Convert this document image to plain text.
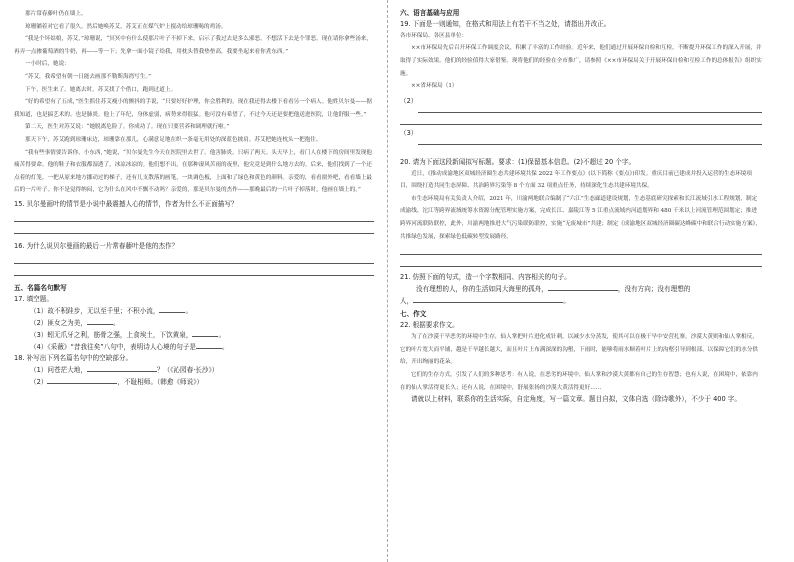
那片常春藤叶仍在墙上。

琼珊躺着对它看了很久。然后她唤苏艾，苏艾正在煤气炉上搅动给琼珊喝的鸡汤。

“我是个坏姑娘，苏艾，”琼珊说，“冥冥中有什么使那片叶子不掉下来，启示了我过去是多么邪恶。不想活下去是个罪恶。现在请你拿些汤来，再弄一点掺葡萄酒的牛奶，再——等一下；先拿一面小镜子给我，用枕头替我垫垫高，我要坐起来看你煮东西。”

一小时后，她说：

“苏艾，我希望有朝一日能去画那不勒斯海湾写生。”

下午，医生来了，她离去时，苏艾找了个借口，跑到过道上。

“好的希望有了五成，”医生抓住苏艾瘦小的颤抖的手说，“只要好好护理，你会胜利的。现在我还得去楼下看看另一个病人。他姓贝尔曼——据我知道，也是搞艺术的。也是肺炎。他上了年纪，身体虚弱，病势来得很猛。他可没有希望了，不过今天还是要把他送进医院，让他舒服一些。”

第二天，医生对苏艾说：“她脱离危险了。你成功了。现在只要营养和调理就行啦。”

那天下午，苏艾跑到琼珊床边，琼珊靠在那儿，心满意足地在织一条毫无用处的深蓝色披肩。苏艾把她连枕头一把抱住。

“我有些事情要告诉你，小东西，”她说，“贝尔曼先生今天在医院里去世了。他害肺炎，只病了两天。头天早上，看门人在楼下的房间里发现他痛苦得要命。他的鞋子和衣服都湿透了，冰凉冰凉的。他们想不出，在那种凄风苦雨的夜里，他究竟是到什么地方去的。后来，他们找到了一个还点着的灯笼，一把从原来地方挪动过的梯子，还有几支散落的画笔，一块调色板，上面和了绿色和黄色的颜料。亲爱的，看看窗外吧，看看墙上最后的一片叶子。你不是觉得纳闷，它为什么在风中不飘不动吗？亲爱的，那是贝尔曼的杰作——那晚最后的一片叶子掉落时，他画在墙上的。”

15. 贝尔曼画叶的情节是小说中最震撼人心的情节，作者为什么不正面描写？

16. 为什么说贝尔曼画的最后一片常春藤叶是他的杰作？

五、名篇名句默写

17. 填空题。

（1）故不积跬步，无以至千里；不积小流，	。

（2）匪女之为美，	。

（3）蚓无爪牙之利，筋骨之强，上食埃土，下饮黄泉，	。

（4）《采薇》“昔我往矣”八句中，表明诗人心境的句子是	。

18. 补写出下列名篇名句中的空缺部分。

（1）问苍茫大地，	？（《沁园春·长沙》）

（2）	，不耻相师。（韩愈《师说》）

六、语言基础与应用

19. 下面是一则通知，在格式和用法上有若干不当之处，请指出并改正。

各市环保局、各区县单位：

××市环保局先后召开环保工作调度会议，积累了丰富的工作经验。近年来，他们通过开展环保自检和互检，不断提升环保工作的深入开展，并取得了实际效果。他们的经验值得大家借鉴。现将他们的经验在全市推广，请参照《××市环保局关于开展环保自检和互检工作的总体报告》组织实施。

××省环保局（1）

（2）

（3）

20. 请为下面这段新闻拟写标题。要求：(1)保留基本信息。(2)不超过 20 个字。

近日，《推动成渝地区双城经济圈生态共建环境共保 2022 年工作要点》(以下简称《要点》)印发。重庆目前已建成并投入运营的生态环境项目，围绕打造共同生态屏障、共治跨界污染等 8 个方面 32 项重点任务，持续深化生态共建环境共保。

市生态环境局有关负责人介绍，2021 年，川渝两地联合编制了“六江”生态廊道建设规划，生态基底研究探索和长江流域引水工程规划，制定成渝线、沱江等跨界流域统筹水资源分配管理实施方案，完成长江、嘉陵江等 5 江重点流域内河道划界和 480 千米以上河流管理范围划定；推进跨界河流联防联控，此外，川渝两地推进大气污染联防联控，实施“无废城市”共建；制定《成渝地区双城经济圈碳达峰碳中和联合行动实施方案》，共推绿色发展，探索绿色低碳转型发展路径。

21. 仿照下面的句式，造一个字数相同、内容相关的句子。

没有理想的人，你的生活如同大海里的孤舟，	，没有方向；没有理想的

人，	。

七、作文

22. 根据要求作文。

为了在沙漠干旱恶劣的环境中生存，仙人掌把叶片进化成针刺，以减少水分蒸发，使其可以在极干旱中安营扎寨。沙漠大黄则和仙人掌相反，它的叶片宽大而平铺，越是干旱越长越大，而且叶片上布满深深的沟壑，下雨时，能够将雨水顺着叶片上的沟壑引导到根部，以保障它们的水分供给，开出绚丽的花朵。

它们的生存方式，引发了人们的多种思考：有人说，在恶劣的环境中，仙人掌和沙漠大黄都有自己的生存智慧；也有人说，在困境中，依靠内在的仙人掌活得更长久；还有人说，在困境中，舒展张扬的沙漠大黄活得更好……

请就以上材料，联系你的生活实际，自定角度，写一篇文章。题目自拟，文体自选（除诗歌外），不少于 400 字。
